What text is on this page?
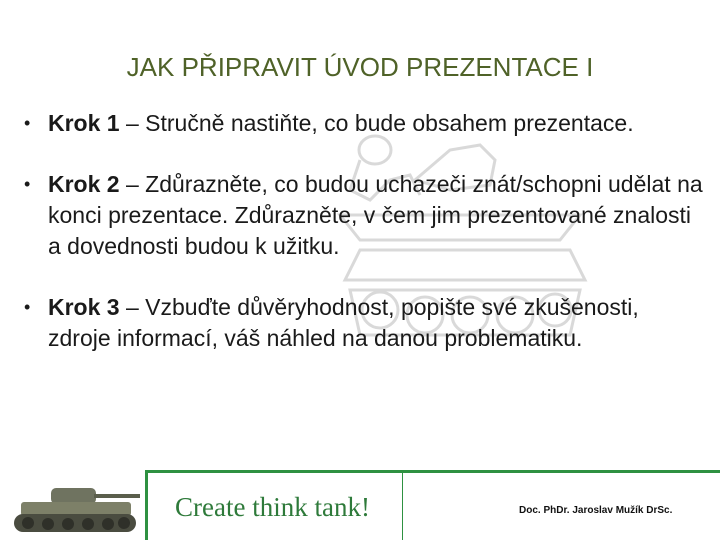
JAK PŘIPRAVIT ÚVOD PREZENTACE I
• Krok 1 – Stručně nastiňte, co bude obsahem prezentace.
• Krok 2 – Zdůrazněte, co budou uchazeči znát/schopni udělat na konci prezentace. Zdůrazněte, v čem jim prezentované znalosti a dovednosti budou k užitku.
• Krok 3 – Vzbuďte důvěryhodnost, popište své zkušenosti, zdroje informací, váš náhled na danou problematiku.
Create think tank!	Doc. PhDr. Jaroslav Mužík DrSc.
